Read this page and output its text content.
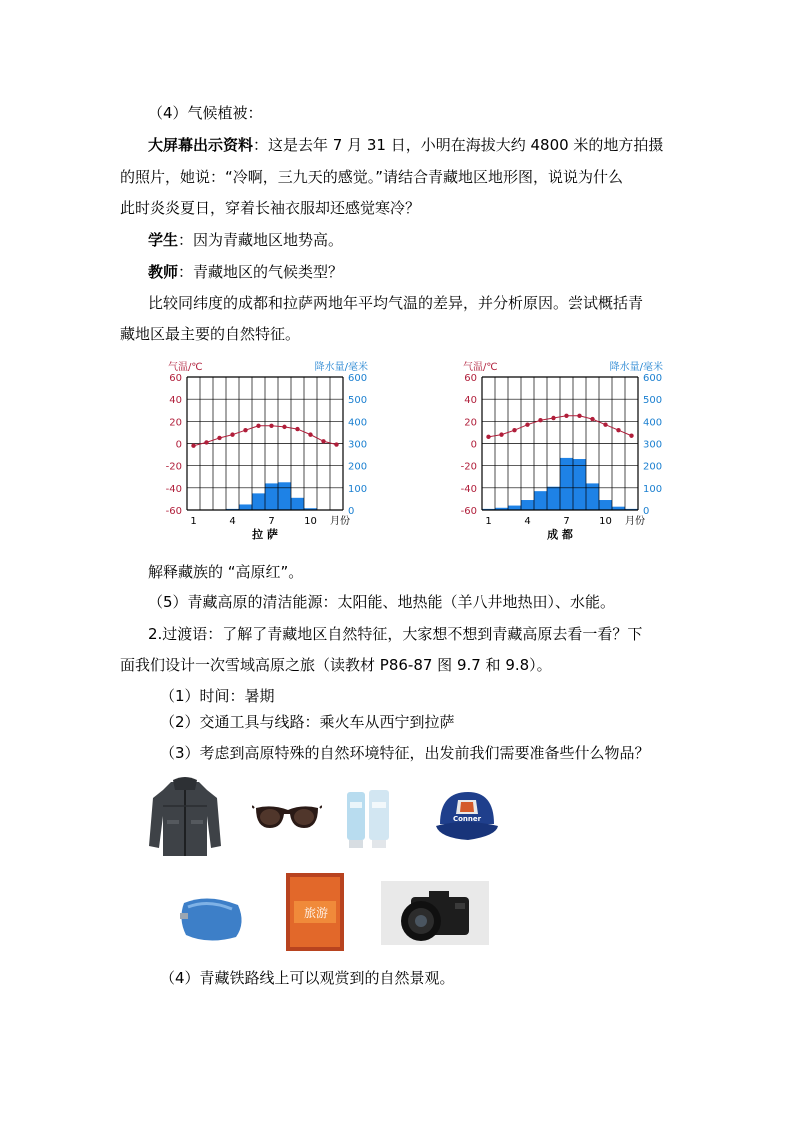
（4）气候植被：
大屏幕出示资料：这是去年 7 月 31 日，小明在海拔大约 4800 米的地方拍摄
的照片，她说：“冷啊，三九天的感觉。”请结合青藏地区地形图，说说为什么
此时炎炎夏日，穿着长袖衣服却还感觉寒冷？
学生：因为青藏地区地势高。
教师：青藏地区的气候类型？
比较同纬度的成都和拉萨两地年平均气温的差异，并分析原因。尝试概括青
藏地区最主要的自然特征。
气温/℃	降水量/毫米
60
40
20
0
-20
-40
-60
600
500
400
300
200
100
0
1	4	7	10 月份
拉 萨
气温/℃	降水量/毫米
60
40
20
0
-20
-40
-60
600
500
400
300
200
100
0
1	4	7	10 月份
成 都
解释藏族的 “高原红”。
（5）青藏高原的清洁能源：太阳能、地热能（羊八井地热田）、水能。
2.过渡语：了解了青藏地区自然特征，大家想不想到青藏高原去看一看？下
面我们设计一次雪域高原之旅（读教材 P86-87 图 9.7 和 9.8）。
（1）时间：暑期
（2）交通工具与线路：乘火车从西宁到拉萨
（3）考虑到高原特殊的自然环境特征，出发前我们需要准备些什么物品？
Conner
旅游
（4）青藏铁路线上可以观赏到的自然景观。
